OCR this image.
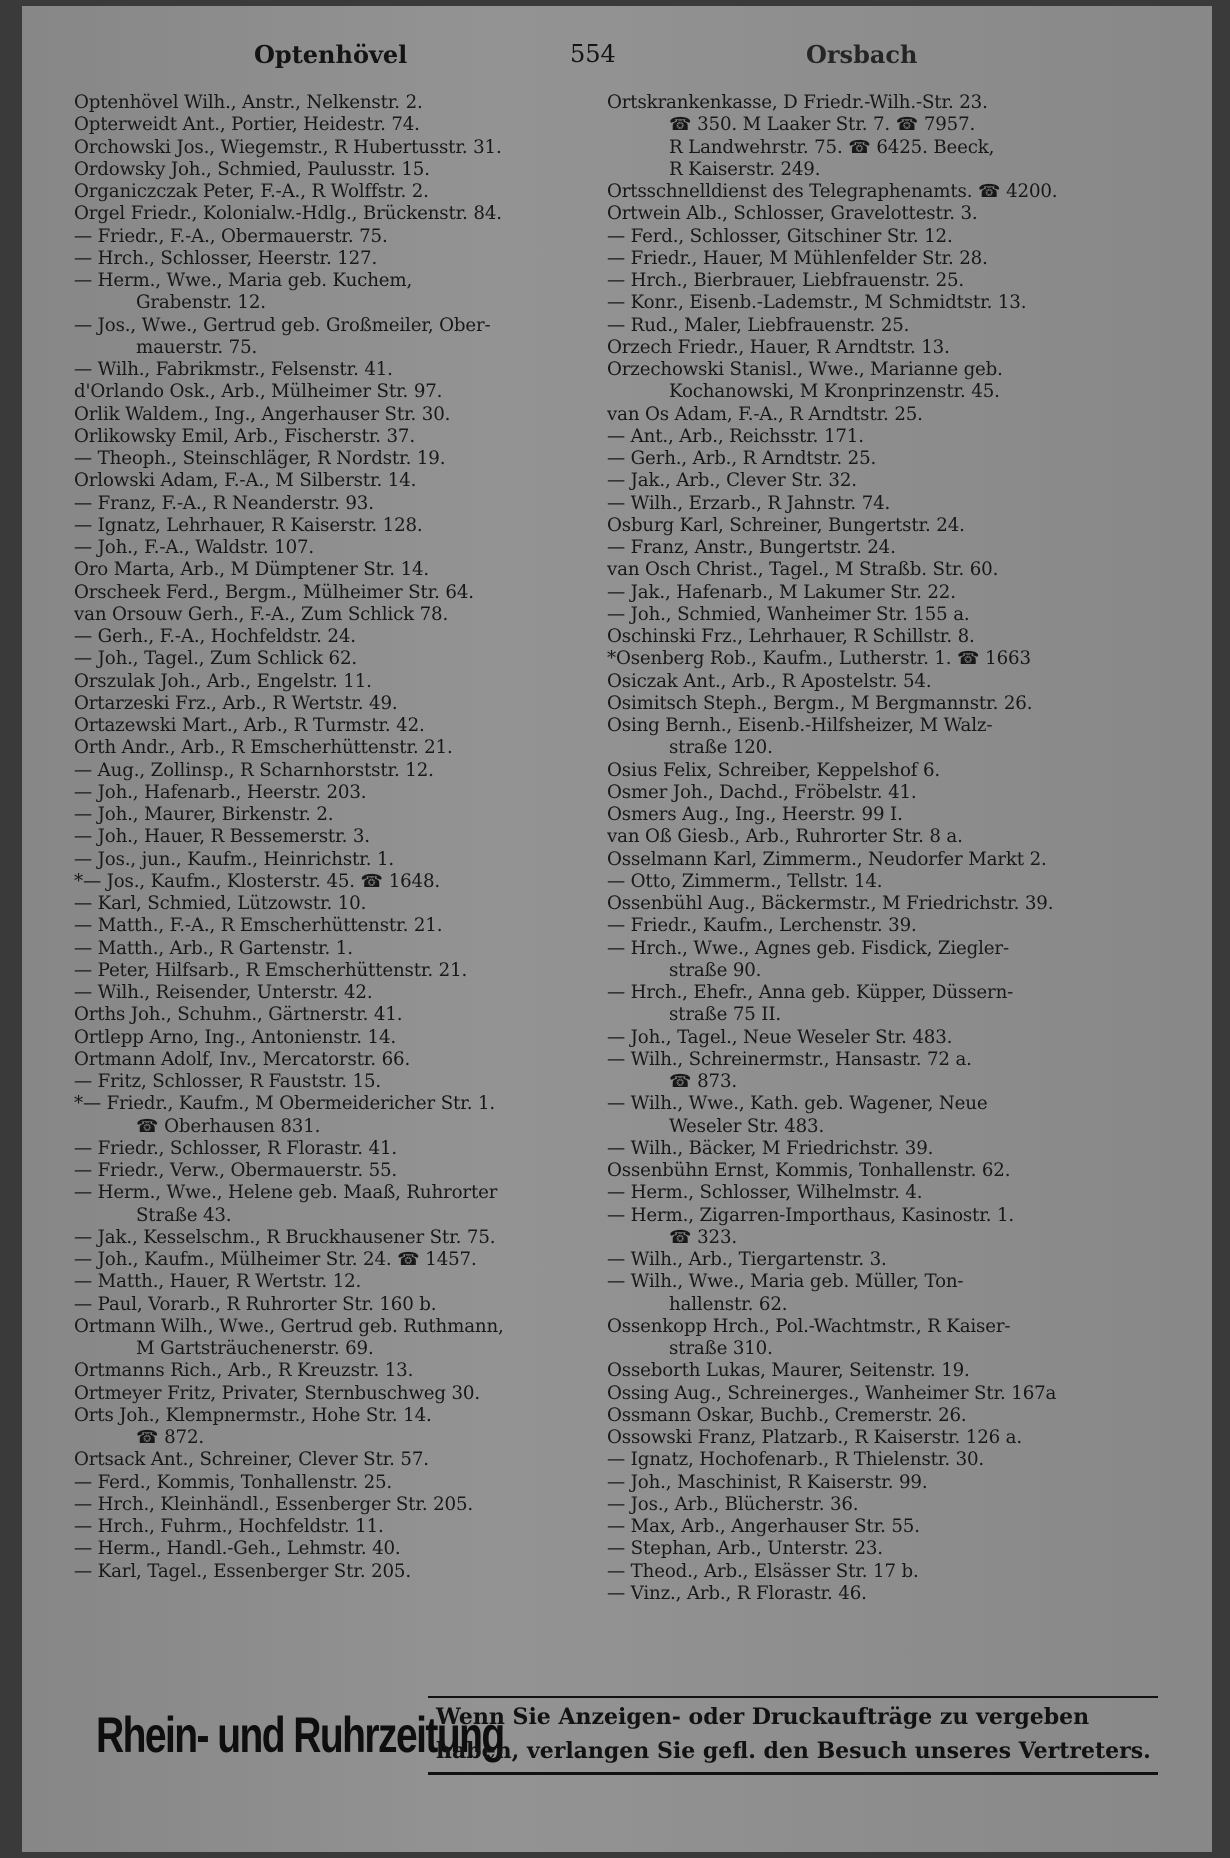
Optenhövel	554	Orsbach
Optenhövel Wilh., Anstr., Nelkenstr. 2.
Opterweidt Ant., Portier, Heidestr. 74.
Orchowski Jos., Wiegemstr., R Hubertusstr. 31.
Ordowsky Joh., Schmied, Paulusstr. 15.
Organiczczak Peter, F.-A., R Wolffstr. 2.
Orgel Friedr., Kolonialw.-Hdlg., Brückenstr. 84.
— Friedr., F.-A., Obermauerstr. 75.
— Hrch., Schlosser, Heerstr. 127.
— Herm., Wwe., Maria geb. Kuchem,
Grabenstr. 12.
— Jos., Wwe., Gertrud geb. Großmeiler, Ober-
mauerstr. 75.
— Wilh., Fabrikmstr., Felsenstr. 41.
d'Orlando Osk., Arb., Mülheimer Str. 97.
Orlik Waldem., Ing., Angerhauser Str. 30.
Orlikowsky Emil, Arb., Fischerstr. 37.
— Theoph., Steinschläger, R Nordstr. 19.
Orlowski Adam, F.-A., M Silberstr. 14.
— Franz, F.-A., R Neanderstr. 93.
— Ignatz, Lehrhauer, R Kaiserstr. 128.
— Joh., F.-A., Waldstr. 107.
Oro Marta, Arb., M Dümptener Str. 14.
Orscheek Ferd., Bergm., Mülheimer Str. 64.
van Orsouw Gerh., F.-A., Zum Schlick 78.
— Gerh., F.-A., Hochfeldstr. 24.
— Joh., Tagel., Zum Schlick 62.
Orszulak Joh., Arb., Engelstr. 11.
Ortarzeski Frz., Arb., R Wertstr. 49.
Ortazewski Mart., Arb., R Turmstr. 42.
Orth Andr., Arb., R Emscherhüttenstr. 21.
— Aug., Zollinsp., R Scharnhorststr. 12.
— Joh., Hafenarb., Heerstr. 203.
— Joh., Maurer, Birkenstr. 2.
— Joh., Hauer, R Bessemerstr. 3.
— Jos., jun., Kaufm., Heinrichstr. 1.
*— Jos., Kaufm., Klosterstr. 45. ☎ 1648.
— Karl, Schmied, Lützowstr. 10.
— Matth., F.-A., R Emscherhüttenstr. 21.
— Matth., Arb., R Gartenstr. 1.
— Peter, Hilfsarb., R Emscherhüttenstr. 21.
— Wilh., Reisender, Unterstr. 42.
Orths Joh., Schuhm., Gärtnerstr. 41.
Ortlepp Arno, Ing., Antonienstr. 14.
Ortmann Adolf, Inv., Mercatorstr. 66.
— Fritz, Schlosser, R Fauststr. 15.
*— Friedr., Kaufm., M Obermeidericher Str. 1.
☎ Oberhausen 831.
— Friedr., Schlosser, R Florastr. 41.
— Friedr., Verw., Obermauerstr. 55.
— Herm., Wwe., Helene geb. Maaß, Ruhrorter
Straße 43.
— Jak., Kesselschm., R Bruckhausener Str. 75.
— Joh., Kaufm., Mülheimer Str. 24. ☎ 1457.
— Matth., Hauer, R Wertstr. 12.
— Paul, Vorarb., R Ruhrorter Str. 160 b.
Ortmann Wilh., Wwe., Gertrud geb. Ruthmann,
M Gartsträuchenerstr. 69.
Ortmanns Rich., Arb., R Kreuzstr. 13.
Ortmeyer Fritz, Privater, Sternbuschweg 30.
Orts Joh., Klempnermstr., Hohe Str. 14.
☎ 872.
Ortsack Ant., Schreiner, Clever Str. 57.
— Ferd., Kommis, Tonhallenstr. 25.
— Hrch., Kleinhändl., Essenberger Str. 205.
— Hrch., Fuhrm., Hochfeldstr. 11.
— Herm., Handl.-Geh., Lehmstr. 40.
— Karl, Tagel., Essenberger Str. 205.
Ortskrankenkasse, D Friedr.-Wilh.-Str. 23.
☎ 350. M Laaker Str. 7. ☎ 7957.
R Landwehrstr. 75. ☎ 6425. Beeck,
R Kaiserstr. 249.
Ortsschnelldienst des Telegraphenamts. ☎ 4200.
Ortwein Alb., Schlosser, Gravelottestr. 3.
— Ferd., Schlosser, Gitschiner Str. 12.
— Friedr., Hauer, M Mühlenfelder Str. 28.
— Hrch., Bierbrauer, Liebfrauenstr. 25.
— Konr., Eisenb.-Lademstr., M Schmidtstr. 13.
— Rud., Maler, Liebfrauenstr. 25.
Orzech Friedr., Hauer, R Arndtstr. 13.
Orzechowski Stanisl., Wwe., Marianne geb.
Kochanowski, M Kronprinzenstr. 45.
van Os Adam, F.-A., R Arndtstr. 25.
— Ant., Arb., Reichsstr. 171.
— Gerh., Arb., R Arndtstr. 25.
— Jak., Arb., Clever Str. 32.
— Wilh., Erzarb., R Jahnstr. 74.
Osburg Karl, Schreiner, Bungertstr. 24.
— Franz, Anstr., Bungertstr. 24.
van Osch Christ., Tagel., M Straßb. Str. 60.
— Jak., Hafenarb., M Lakumer Str. 22.
— Joh., Schmied, Wanheimer Str. 155 a.
Oschinski Frz., Lehrhauer, R Schillstr. 8.
*Osenberg Rob., Kaufm., Lutherstr. 1. ☎ 1663
Osiczak Ant., Arb., R Apostelstr. 54.
Osimitsch Steph., Bergm., M Bergmannstr. 26.
Osing Bernh., Eisenb.-Hilfsheizer, M Walz-
straße 120.
Osius Felix, Schreiber, Keppelshof 6.
Osmer Joh., Dachd., Fröbelstr. 41.
Osmers Aug., Ing., Heerstr. 99 I.
van Oß Giesb., Arb., Ruhrorter Str. 8 a.
Osselmann Karl, Zimmerm., Neudorfer Markt 2.
— Otto, Zimmerm., Tellstr. 14.
Ossenbühl Aug., Bäckermstr., M Friedrichstr. 39.
— Friedr., Kaufm., Lerchenstr. 39.
— Hrch., Wwe., Agnes geb. Fisdick, Ziegler-
straße 90.
— Hrch., Ehefr., Anna geb. Küpper, Düssern-
straße 75 II.
— Joh., Tagel., Neue Weseler Str. 483.
— Wilh., Schreinermstr., Hansastr. 72 a.
☎ 873.
— Wilh., Wwe., Kath. geb. Wagener, Neue
Weseler Str. 483.
— Wilh., Bäcker, M Friedrichstr. 39.
Ossenbühn Ernst, Kommis, Tonhallenstr. 62.
— Herm., Schlosser, Wilhelmstr. 4.
— Herm., Zigarren-Importhaus, Kasinostr. 1.
☎ 323.
— Wilh., Arb., Tiergartenstr. 3.
— Wilh., Wwe., Maria geb. Müller, Ton-
hallenstr. 62.
Ossenkopp Hrch., Pol.-Wachtmstr., R Kaiser-
straße 310.
Osseborth Lukas, Maurer, Seitenstr. 19.
Ossing Aug., Schreinerges., Wanheimer Str. 167a
Ossmann Oskar, Buchb., Cremerstr. 26.
Ossowski Franz, Platzarb., R Kaiserstr. 126 a.
— Ignatz, Hochofenarb., R Thielenstr. 30.
— Joh., Maschinist, R Kaiserstr. 99.
— Jos., Arb., Blücherstr. 36.
— Max, Arb., Angerhauser Str. 55.
— Stephan, Arb., Unterstr. 23.
— Theod., Arb., Elsässer Str. 17 b.
— Vinz., Arb., R Florastr. 46.
Rhein- und Ruhrzeitung
Wenn Sie Anzeigen- oder Druckaufträge zu vergeben
haben, verlangen Sie gefl. den Besuch unseres Vertreters.
